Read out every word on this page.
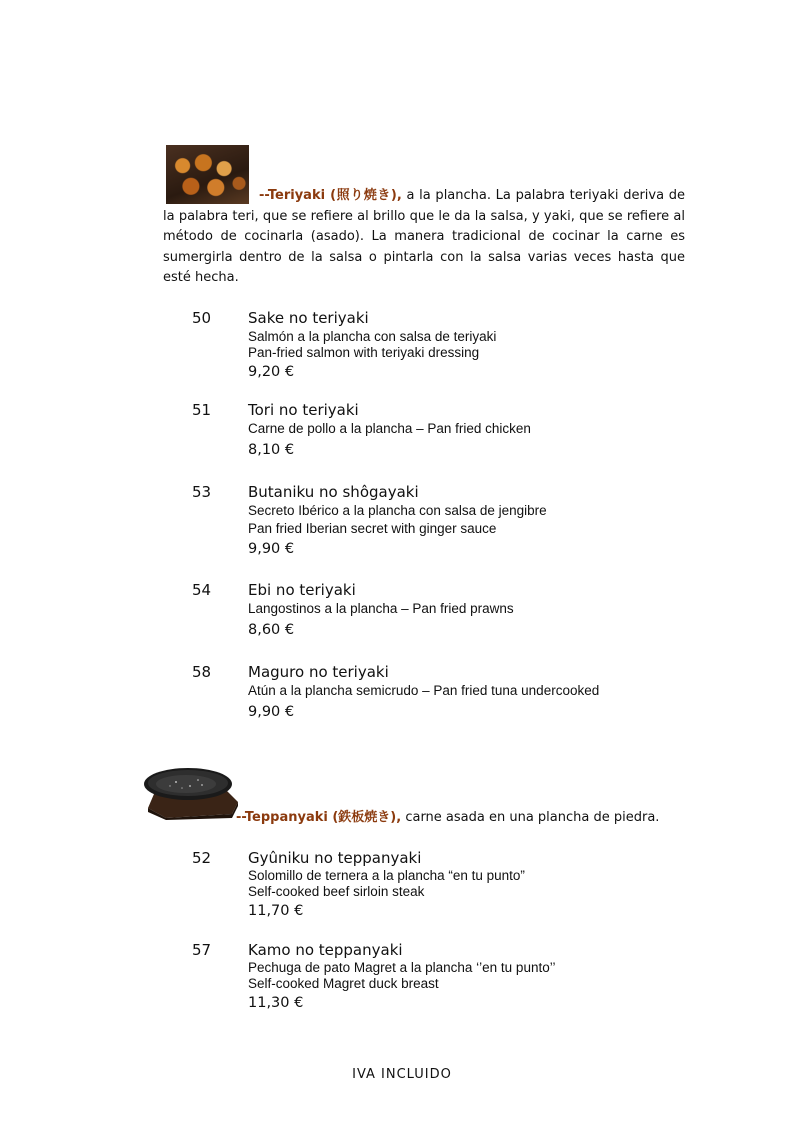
--Teriyaki (照り焼き), a la plancha. La palabra teriyaki deriva de la palabra teri, que se refiere al brillo que le da la salsa, y yaki, que se refiere al método de cocinarla (asado). La manera tradicional de cocinar la carne es sumergirla dentro de la salsa o pintarla con la salsa varias veces hasta que esté hecha.
50	Sake no teriyaki
Salmón a la plancha con salsa de teriyaki
Pan-fried salmon with teriyaki dressing
9,20 €
51	Tori no teriyaki
Carne de pollo a la plancha – Pan fried chicken
8,10 €
53	Butaniku no shôgayaki
Secreto Ibérico a la plancha con salsa de jengibre
Pan fried Iberian secret with ginger sauce
9,90 €
54	Ebi no teriyaki
Langostinos a la plancha – Pan fried prawns
8,60 €
58	Maguro no teriyaki
Atún a la plancha semicrudo – Pan fried tuna undercooked
9,90 €
--Teppanyaki (鉄板焼き), carne asada en una plancha de piedra.
52	Gyûniku no teppanyaki
Solomillo de ternera a la plancha “en tu punto”
Self-cooked beef sirloin steak
11,70 €
57	Kamo no teppanyaki
Pechuga de pato Magret a la plancha ‘’en tu punto’’
Self-cooked Magret duck breast
11,30 €
IVA INCLUIDO
